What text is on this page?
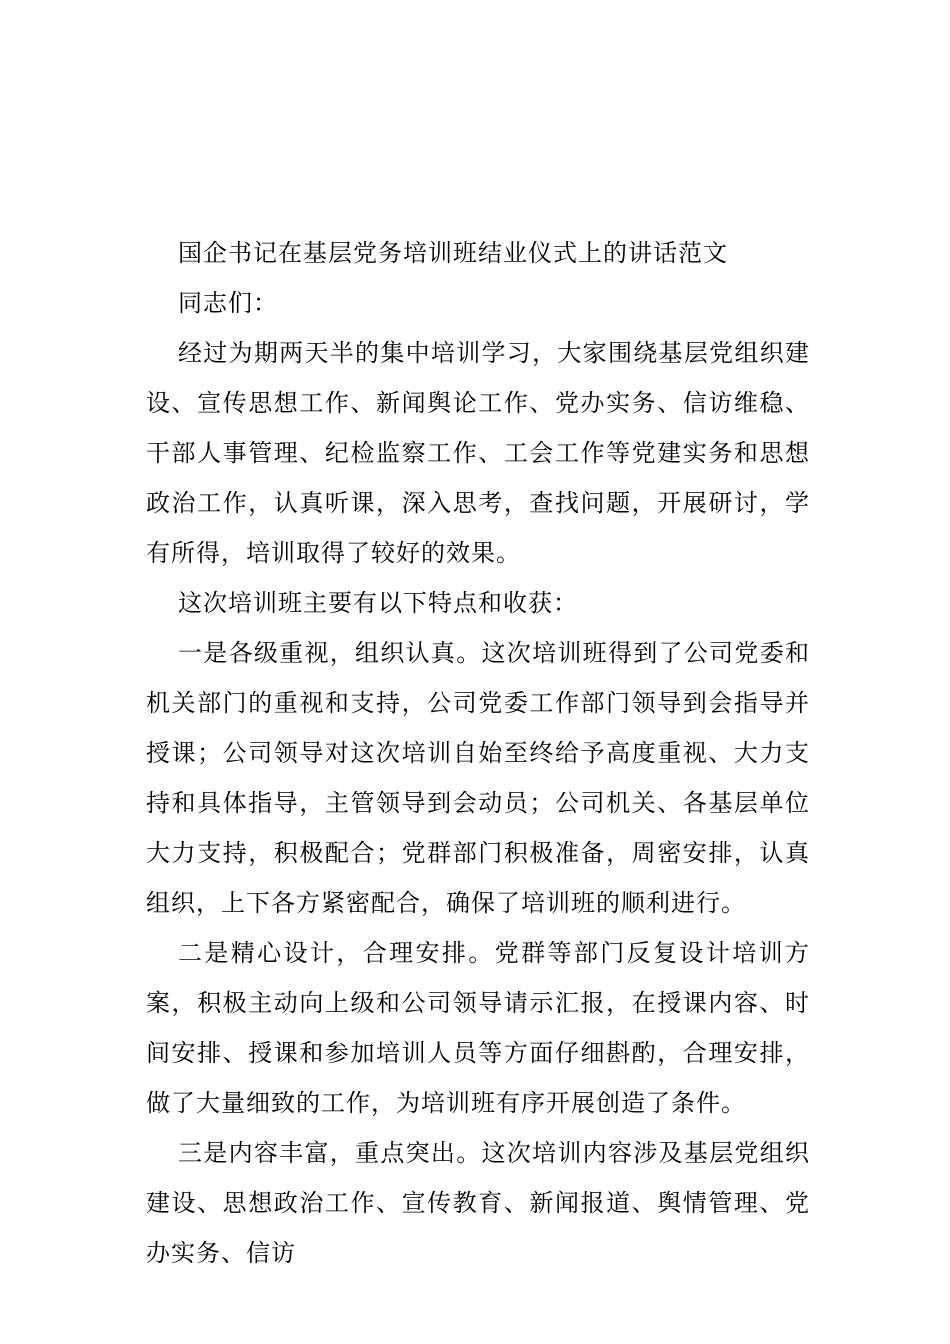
国企书记在基层党务培训班结业仪式上的讲话范文

同志们：

经过为期两天半的集中培训学习，大家围绕基层党组织建设、宣传思想工作、新闻舆论工作、党办实务、信访维稳、干部人事管理、纪检监察工作、工会工作等党建实务和思想政治工作，认真听课，深入思考，查找问题，开展研讨，学有所得，培训取得了较好的效果。

这次培训班主要有以下特点和收获：

一是各级重视，组织认真。这次培训班得到了公司党委和机关部门的重视和支持，公司党委工作部门领导到会指导并授课；公司领导对这次培训自始至终给予高度重视、大力支持和具体指导，主管领导到会动员；公司机关、各基层单位大力支持，积极配合；党群部门积极准备，周密安排，认真组织，上下各方紧密配合，确保了培训班的顺利进行。

二是精心设计，合理安排。党群等部门反复设计培训方案，积极主动向上级和公司领导请示汇报，在授课内容、时间安排、授课和参加培训人员等方面仔细斟酌，合理安排，做了大量细致的工作，为培训班有序开展创造了条件。

三是内容丰富，重点突出。这次培训内容涉及基层党组织建设、思想政治工作、宣传教育、新闻报道、舆情管理、党办实务、信访
